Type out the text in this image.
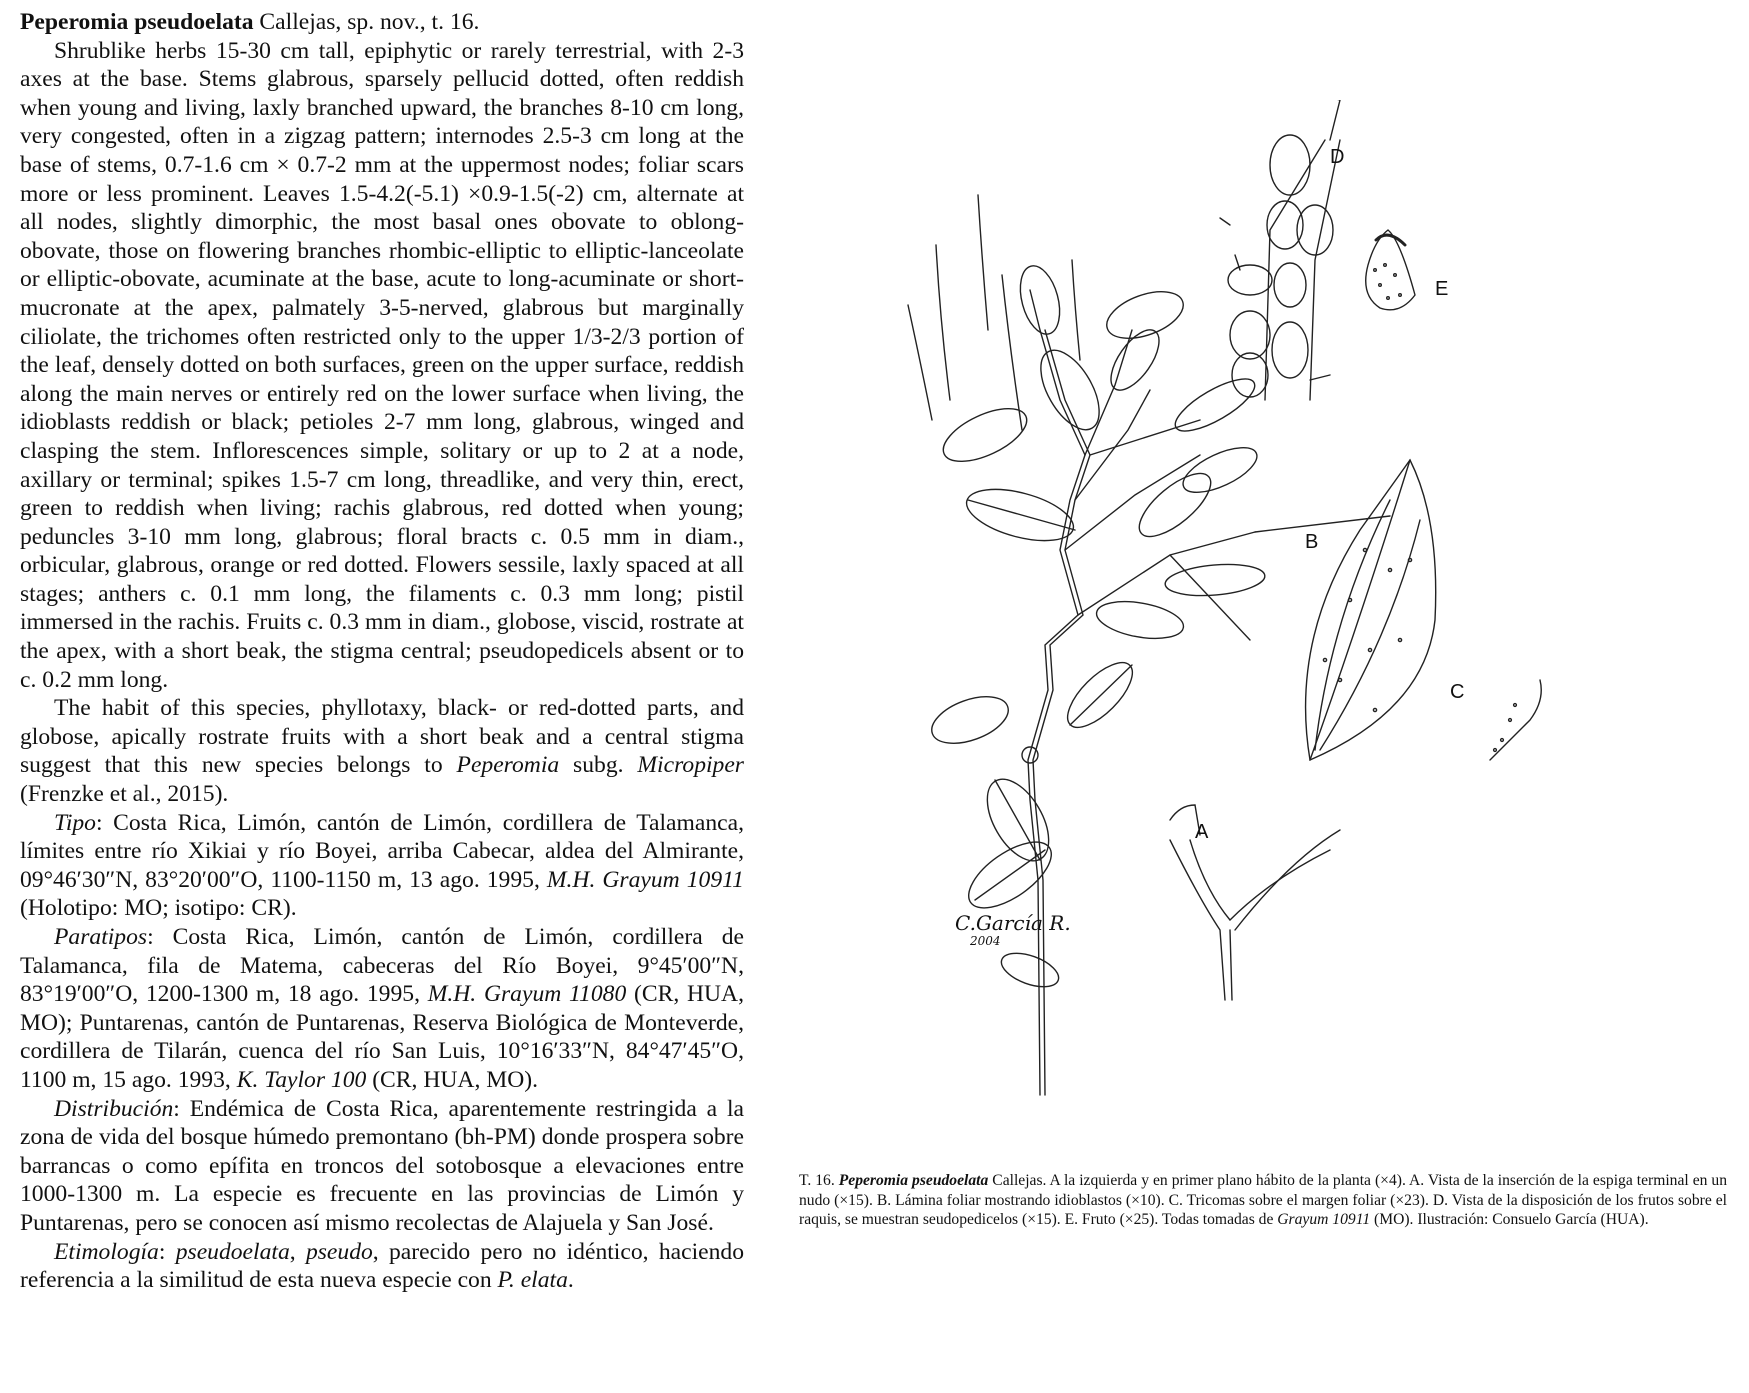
Peperomia pseudoelata Callejas, sp. nov., t. 16.

Shrublike herbs 15-30 cm tall, epiphytic or rarely terrestrial, with 2-3 axes at the base. Stems glabrous, sparsely pellucid dotted, often reddish when young and living, laxly branched upward, the branches 8-10 cm long, very congested, often in a zigzag pattern; internodes 2.5-3 cm long at the base of stems, 0.7-1.6 cm × 0.7-2 mm at the uppermost nodes; foliar scars more or less prominent. Leaves 1.5-4.2(-5.1) ×0.9-1.5(-2) cm, alternate at all nodes, slightly dimorphic, the most basal ones obovate to oblong-obovate, those on flowering branches rhombic-elliptic to elliptic-lanceolate or elliptic-obovate, acuminate at the base, acute to long-acuminate or short-mucronate at the apex, palmately 3-5-nerved, glabrous but marginally ciliolate, the trichomes often restricted only to the upper 1/3-2/3 portion of the leaf, densely dotted on both surfaces, green on the upper surface, reddish along the main nerves or entirely red on the lower surface when living, the idioblasts reddish or black; petioles 2-7 mm long, glabrous, winged and clasping the stem. Inflorescences simple, solitary or up to 2 at a node, axillary or terminal; spikes 1.5-7 cm long, threadlike, and very thin, erect, green to reddish when living; rachis glabrous, red dotted when young; peduncles 3-10 mm long, glabrous; floral bracts c. 0.5 mm in diam., orbicular, glabrous, orange or red dotted. Flowers sessile, laxly spaced at all stages; anthers c. 0.1 mm long, the filaments c. 0.3 mm long; pistil immersed in the rachis. Fruits c. 0.3 mm in diam., globose, viscid, rostrate at the apex, with a short beak, the stigma central; pseudopedicels absent or to c. 0.2 mm long.

The habit of this species, phyllotaxy, black- or red-dotted parts, and globose, apically rostrate fruits with a short beak and a central stigma suggest that this new species belongs to Peperomia subg. Micropiper (Frenzke et al., 2015).

Tipo: Costa Rica, Limón, cantón de Limón, cordillera de Talamanca, límites entre río Xikiai y río Boyei, arriba Cabecar, aldea del Almirante, 09°46′30″N, 83°20′00″O, 1100-1150 m, 13 ago. 1995, M.H. Grayum 10911 (Holotipo: MO; isotipo: CR).

Paratipos: Costa Rica, Limón, cantón de Limón, cordillera de Talamanca, fila de Matema, cabeceras del Río Boyei, 9°45′00″N, 83°19′00″O, 1200-1300 m, 18 ago. 1995, M.H. Grayum 11080 (CR, HUA, MO); Puntarenas, cantón de Puntarenas, Reserva Biológica de Monteverde, cordillera de Tilarán, cuenca del río San Luis, 10°16′33″N, 84°47′45″O, 1100 m, 15 ago. 1993, K. Taylor 100 (CR, HUA, MO).

Distribución: Endémica de Costa Rica, aparentemente restringida a la zona de vida del bosque húmedo premontano (bh-PM) donde prospera sobre barrancas o como epífita en troncos del sotobosque a elevaciones entre 1000-1300 m. La especie es frecuente en las provincias de Limón y Puntarenas, pero se conocen así mismo recolectas de Alajuela y San José.

Etimología: pseudoelata, pseudo, parecido pero no idéntico, haciendo referencia a la similitud de esta nueva especie con P. elata.

C.García R.
2004
D
E
B
C
A
T. 16. Peperomia pseudoelata Callejas. A la izquierda y en primer plano hábito de la planta (×4). A. Vista de la inserción de la espiga terminal en un nudo (×15). B. Lámina foliar mostrando idioblastos (×10). C. Tricomas sobre el margen foliar (×23). D. Vista de la disposición de los frutos sobre el raquis, se muestran seudopedicelos (×15). E. Fruto (×25). Todas tomadas de Grayum 10911 (MO). Ilustración: Consuelo García (HUA).
